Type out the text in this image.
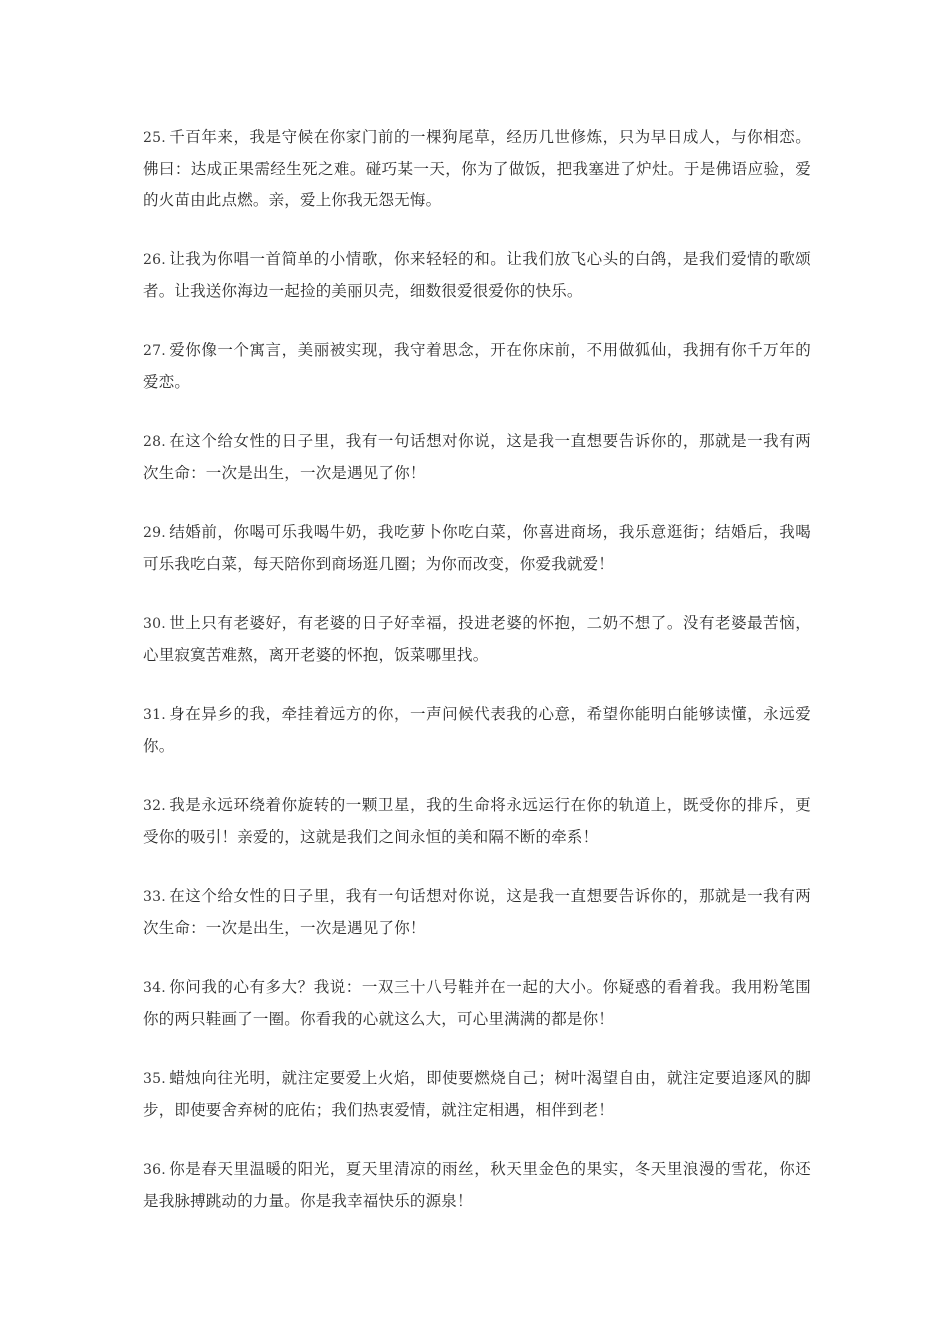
25. 千百年来，我是守候在你家门前的一棵狗尾草，经历几世修炼，只为早日成人，与你相恋。佛曰：达成正果需经生死之难。碰巧某一天，你为了做饭，把我塞进了炉灶。于是佛语应验，爱的火苗由此点燃。亲，爱上你我无怨无悔。
26. 让我为你唱一首简单的小情歌，你来轻轻的和。让我们放飞心头的白鸽，是我们爱情的歌颂者。让我送你海边一起捡的美丽贝壳，细数很爱很爱你的快乐。
27. 爱你像一个寓言，美丽被实现，我守着思念，开在你床前，不用做狐仙，我拥有你千万年的爱恋。
28. 在这个给女性的日子里，我有一句话想对你说，这是我一直想要告诉你的，那就是一我有两次生命：一次是出生，一次是遇见了你！
29. 结婚前，你喝可乐我喝牛奶，我吃萝卜你吃白菜，你喜进商场，我乐意逛街；结婚后，我喝可乐我吃白菜，每天陪你到商场逛几圈；为你而改变，你爱我就爱！
30. 世上只有老婆好，有老婆的日子好幸福，投进老婆的怀抱，二奶不想了。没有老婆最苦恼，心里寂寞苦难熬，离开老婆的怀抱，饭菜哪里找。
31. 身在异乡的我，牵挂着远方的你，一声问候代表我的心意，希望你能明白能够读懂，永远爱你。
32. 我是永远环绕着你旋转的一颗卫星，我的生命将永远运行在你的轨道上，既受你的排斥，更受你的吸引！亲爱的，这就是我们之间永恒的美和隔不断的牵系！
33. 在这个给女性的日子里，我有一句话想对你说，这是我一直想要告诉你的，那就是一我有两次生命：一次是出生，一次是遇见了你！
34. 你问我的心有多大？我说：一双三十八号鞋并在一起的大小。你疑惑的看着我。我用粉笔围你的两只鞋画了一圈。你看我的心就这么大，可心里满满的都是你！
35. 蜡烛向往光明，就注定要爱上火焰，即使要燃烧自己；树叶渴望自由，就注定要追逐风的脚步，即使要舍弃树的庇佑；我们热衷爱情，就注定相遇，相伴到老！
36. 你是春天里温暖的阳光，夏天里清凉的雨丝，秋天里金色的果实，冬天里浪漫的雪花，你还是我脉搏跳动的力量。你是我幸福快乐的源泉！
